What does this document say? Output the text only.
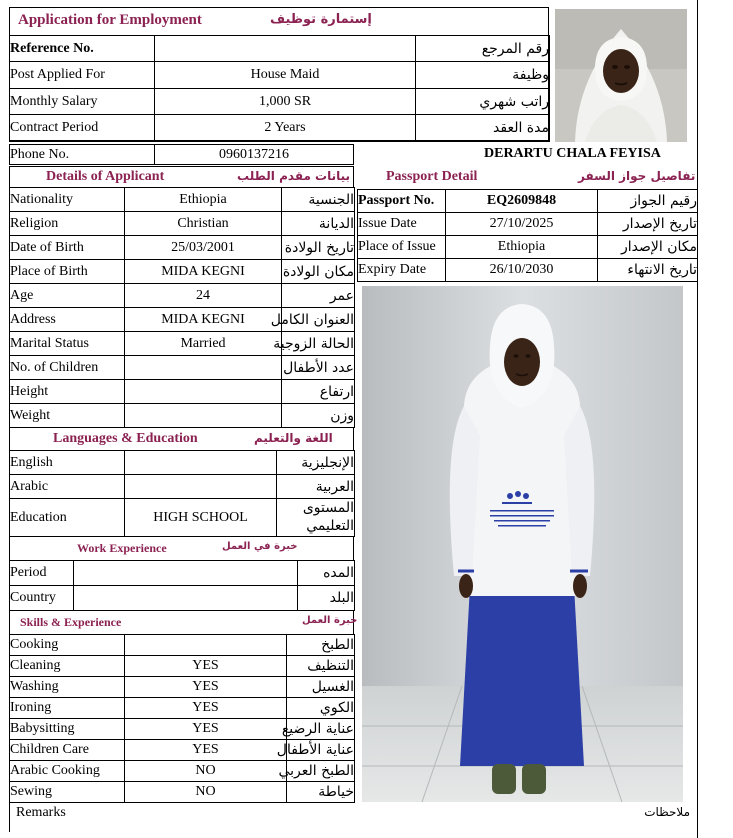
Application for Employment	إستمارة توظيف
Reference No.		رقم المرجع
Post Applied For	House Maid	وظيفة
Monthly Salary	1,000 SR	راتب شهري
Contract Period	2 Years	مدة العقد
Phone No.	0960137216	DERARTU CHALA FEYISA
Details of Applicant	بيانات مقدم الطلب
Nationality	Ethiopia	الجنسية
Religion	Christian	الديانة
Date of Birth	25/03/2001	تاريخ الولادة
Place of Birth	MIDA KEGNI	مكان الولادة
Age	24	عمر
Address	MIDA KEGNI	العنوان الكامل
Marital Status	Married	الحالة الزوجية
No. of Children		عدد الأطفال
Height		ارتفاع
Weight		وزن
Languages & Education	اللغة والتعليم
English		الإنجليزية
Arabic		العربية
Education	HIGH SCHOOL	المستوى التعليمي
Work Experience	خبرة في العمل
Period		المده
Country		البلد
Skills & Experience	خبرة العمل
Cooking		الطبخ
Cleaning	YES	التنظيف
Washing	YES	الغسيل
Ironing	YES	الكوي
Babysitting	YES	عناية الرضيع
Children Care	YES	عناية الأطفال
Arabic Cooking	NO	الطبخ العربي
Sewing	NO	خياطة
Remarks	ملاحظات
Passport Detail	تفاصيل جواز السفر
Passport No.	EQ2609848	رقيم الجواز
Issue Date	27/10/2025	تاريخ الإصدار
Place of Issue	Ethiopia	مكان الإصدار
Expiry Date	26/10/2030	تاريخ الانتهاء
